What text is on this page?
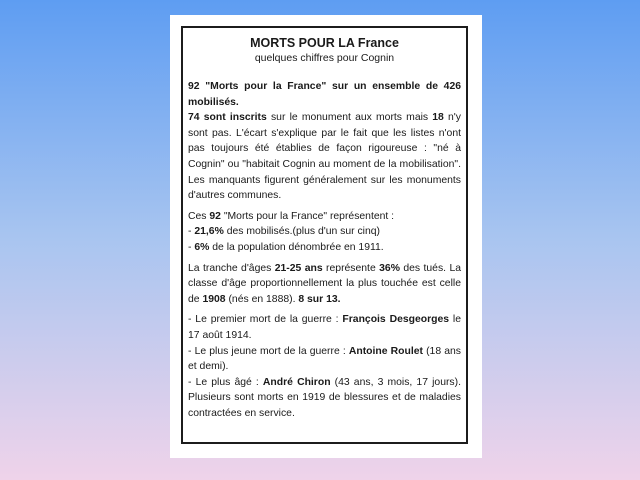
MORTS POUR LA France
quelques chiffres pour Cognin

92 "Morts pour la France" sur un ensemble de 426 mobilisés.
74 sont inscrits sur le monument aux morts mais 18 n'y sont pas. L'écart s'explique par le fait que les listes n'ont pas toujours été établies de façon rigoureuse : "né à Cognin" ou "habitait Cognin au moment de la mobilisation". Les manquants figurent généralement sur les monuments d'autres communes.

Ces 92 "Morts pour la France" représentent :
- 21,6% des mobilisés.(plus d'un sur cinq)
- 6% de la population dénombrée en 1911.

La tranche d'âges 21-25 ans représente 36% des tués. La classe d'âge proportionnellement la plus touchée est celle de 1908 (nés en 1888). 8 sur 13.

- Le premier mort de la guerre : François Desgeorges le 17 août 1914.
- Le plus jeune mort de la guerre : Antoine Roulet (18 ans et demi).
- Le plus âgé : André Chiron (43 ans, 3 mois, 17 jours). Plusieurs sont morts en 1919 de blessures et de maladies contractées en service.
